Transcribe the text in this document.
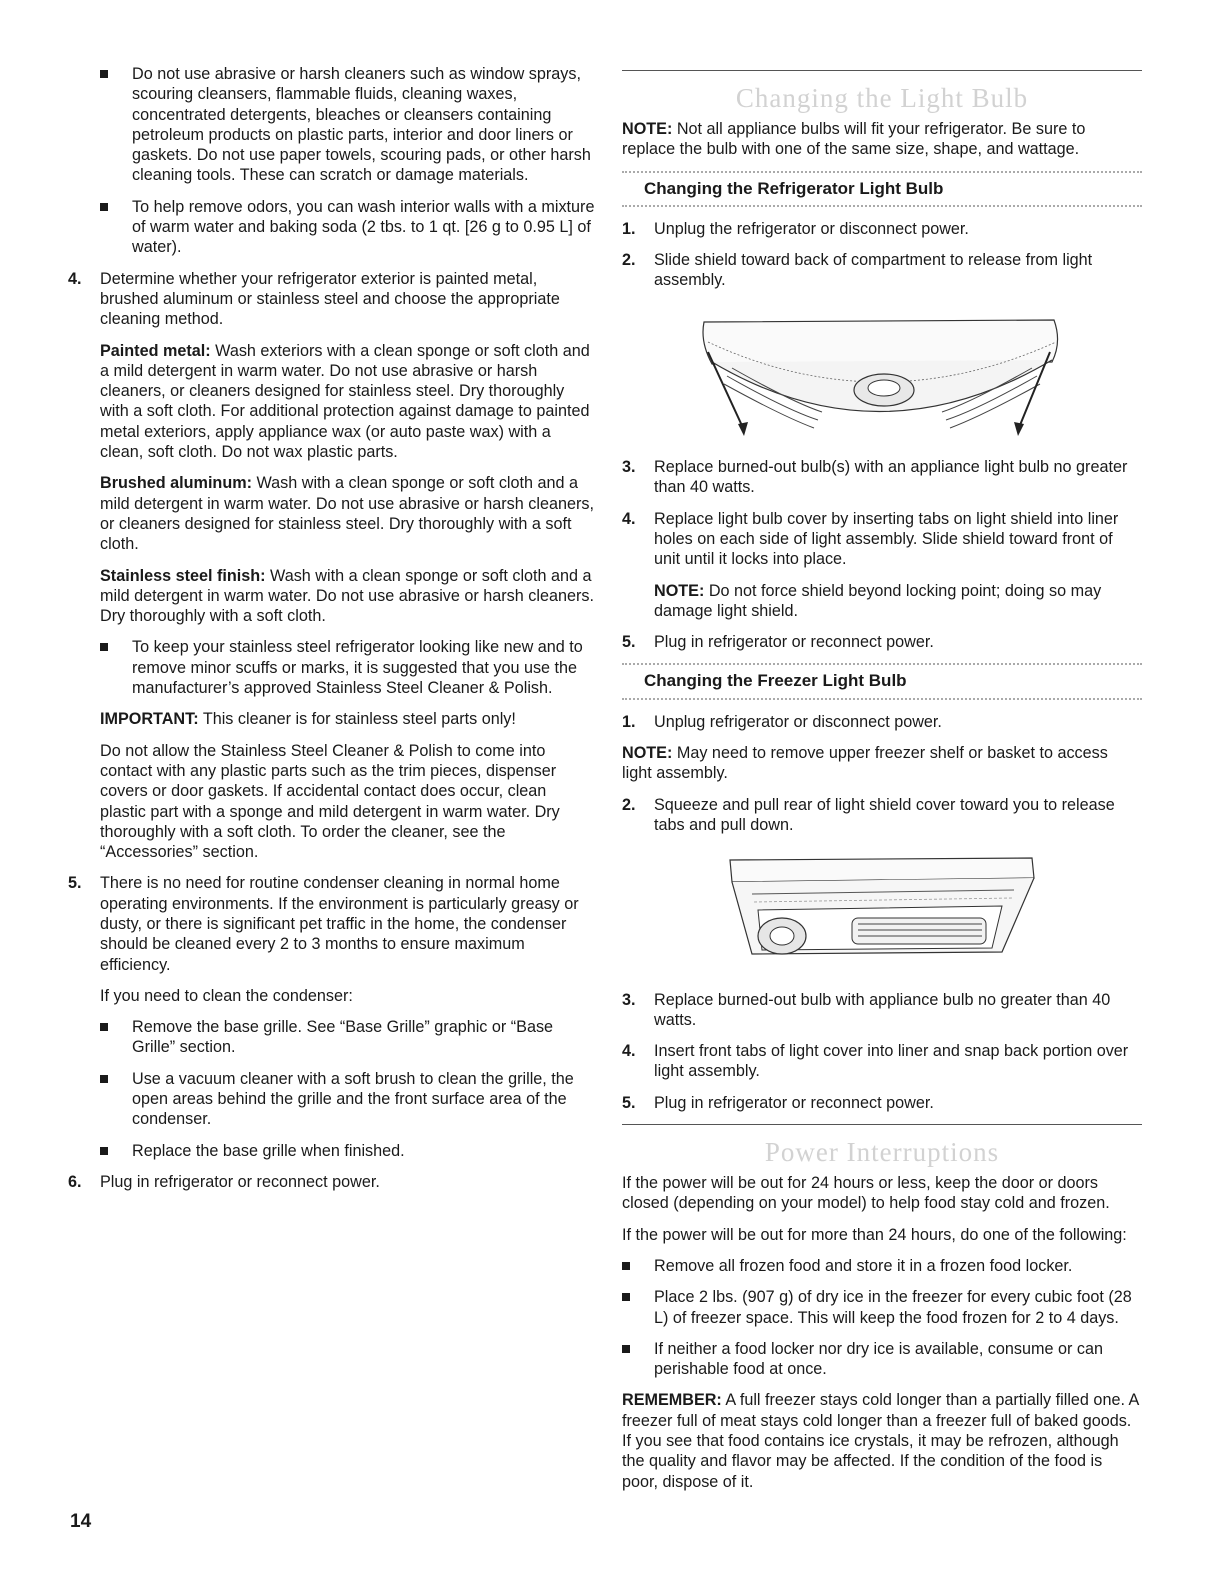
Do not use abrasive or harsh cleaners such as window sprays, scouring cleansers, flammable fluids, cleaning waxes, concentrated detergents, bleaches or cleansers containing petroleum products on plastic parts, interior and door liners or gaskets. Do not use paper towels, scouring pads, or other harsh cleaning tools. These can scratch or damage materials.
To help remove odors, you can wash interior walls with a mixture of warm water and baking soda (2 tbs. to 1 qt. [26 g to 0.95 L] of water).
4. Determine whether your refrigerator exterior is painted metal, brushed aluminum or stainless steel and choose the appropriate cleaning method.
Painted metal: Wash exteriors with a clean sponge or soft cloth and a mild detergent in warm water. Do not use abrasive or harsh cleaners, or cleaners designed for stainless steel. Dry thoroughly with a soft cloth. For additional protection against damage to painted metal exteriors, apply appliance wax (or auto paste wax) with a clean, soft cloth. Do not wax plastic parts.
Brushed aluminum: Wash with a clean sponge or soft cloth and a mild detergent in warm water. Do not use abrasive or harsh cleaners, or cleaners designed for stainless steel. Dry thoroughly with a soft cloth.
Stainless steel finish: Wash with a clean sponge or soft cloth and a mild detergent in warm water. Do not use abrasive or harsh cleaners. Dry thoroughly with a soft cloth.
To keep your stainless steel refrigerator looking like new and to remove minor scuffs or marks, it is suggested that you use the manufacturer’s approved Stainless Steel Cleaner & Polish.
IMPORTANT: This cleaner is for stainless steel parts only!
Do not allow the Stainless Steel Cleaner & Polish to come into contact with any plastic parts such as the trim pieces, dispenser covers or door gaskets. If accidental contact does occur, clean plastic part with a sponge and mild detergent in warm water. Dry thoroughly with a soft cloth. To order the cleaner, see the “Accessories” section.
5. There is no need for routine condenser cleaning in normal home operating environments. If the environment is particularly greasy or dusty, or there is significant pet traffic in the home, the condenser should be cleaned every 2 to 3 months to ensure maximum efficiency.
If you need to clean the condenser:
Remove the base grille. See “Base Grille” graphic or “Base Grille” section.
Use a vacuum cleaner with a soft brush to clean the grille, the open areas behind the grille and the front surface area of the condenser.
Replace the base grille when finished.
6. Plug in refrigerator or reconnect power.
Changing the Light Bulb
NOTE: Not all appliance bulbs will fit your refrigerator. Be sure to replace the bulb with one of the same size, shape, and wattage.
Changing the Refrigerator Light Bulb
1. Unplug the refrigerator or disconnect power.
2. Slide shield toward back of compartment to release from light assembly.
3. Replace burned-out bulb(s) with an appliance light bulb no greater than 40 watts.
4. Replace light bulb cover by inserting tabs on light shield into liner holes on each side of light assembly. Slide shield toward front of unit until it locks into place.
NOTE: Do not force shield beyond locking point; doing so may damage light shield.
5. Plug in refrigerator or reconnect power.
Changing the Freezer Light Bulb
1. Unplug refrigerator or disconnect power.
NOTE: May need to remove upper freezer shelf or basket to access light assembly.
2. Squeeze and pull rear of light shield cover toward you to release tabs and pull down.
3. Replace burned-out bulb with appliance bulb no greater than 40 watts.
4. Insert front tabs of light cover into liner and snap back portion over light assembly.
5. Plug in refrigerator or reconnect power.
Power Interruptions
If the power will be out for 24 hours or less, keep the door or doors closed (depending on your model) to help food stay cold and frozen.
If the power will be out for more than 24 hours, do one of the following:
Remove all frozen food and store it in a frozen food locker.
Place 2 lbs. (907 g) of dry ice in the freezer for every cubic foot (28 L) of freezer space. This will keep the food frozen for 2 to 4 days.
If neither a food locker nor dry ice is available, consume or can perishable food at once.
REMEMBER: A full freezer stays cold longer than a partially filled one. A freezer full of meat stays cold longer than a freezer full of baked goods. If you see that food contains ice crystals, it may be refrozen, although the quality and flavor may be affected. If the condition of the food is poor, dispose of it.
14
